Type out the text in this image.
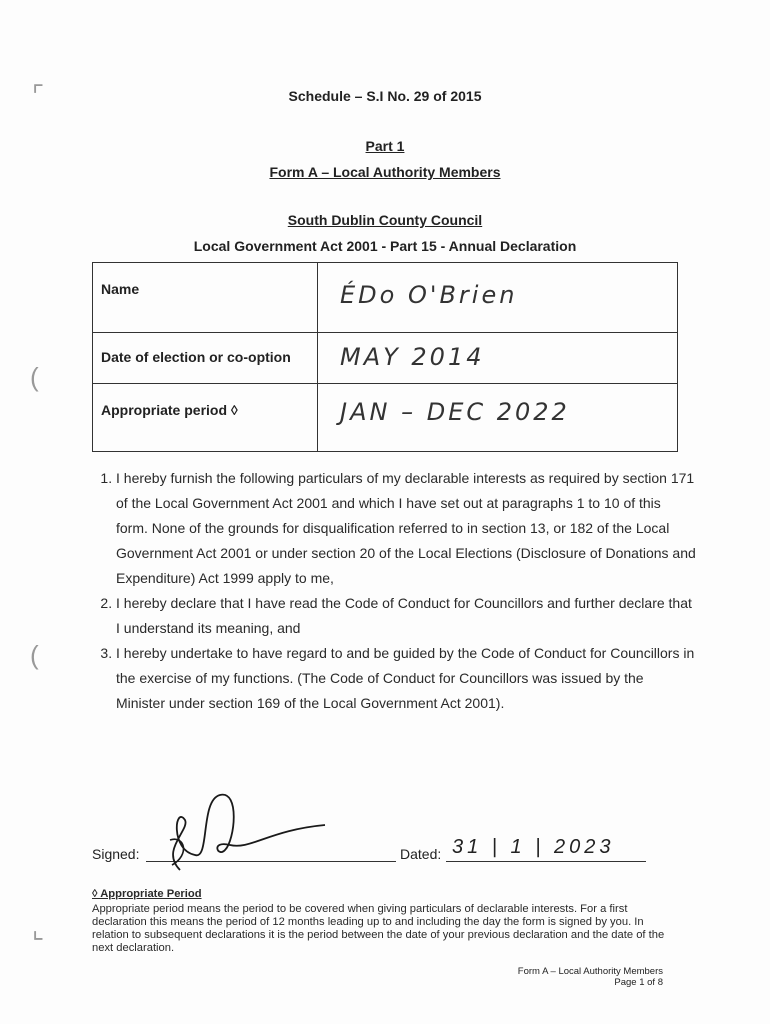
⌜
(
(
⌞
Schedule – S.I No. 29 of 2015
Part 1
Form A – Local Authority Members
South Dublin County Council
Local Government Act 2001 - Part 15 - Annual Declaration
Name	ÉDo O'Brien
Date of election or co-option	MAY 2014
Appropriate period ◊	JAN – DEC 2022
1. I hereby furnish the following particulars of my declarable interests as required by section 171 of the Local Government Act 2001 and which I have set out at paragraphs 1 to 10 of this form. None of the grounds for disqualification referred to in section 13, or 182 of the Local Government Act 2001 or under section 20 of the Local Elections (Disclosure of Donations and Expenditure) Act 1999 apply to me,
2. I hereby declare that I have read the Code of Conduct for Councillors and further declare that I understand its meaning, and
3. I hereby undertake to have regard to and be guided by the Code of Conduct for Councillors in the exercise of my functions. (The Code of Conduct for Councillors was issued by the Minister under section 169 of the Local Government Act 2001).
Signed:	Dated: 31 | 1 | 2023
◊ Appropriate Period
Appropriate period means the period to be covered when giving particulars of declarable interests. For a first declaration this means the period of 12 months leading up to and including the day the form is signed by you. In relation to subsequent declarations it is the period between the date of your previous declaration and the date of the next declaration.
Form A – Local Authority Members
Page 1 of 8
